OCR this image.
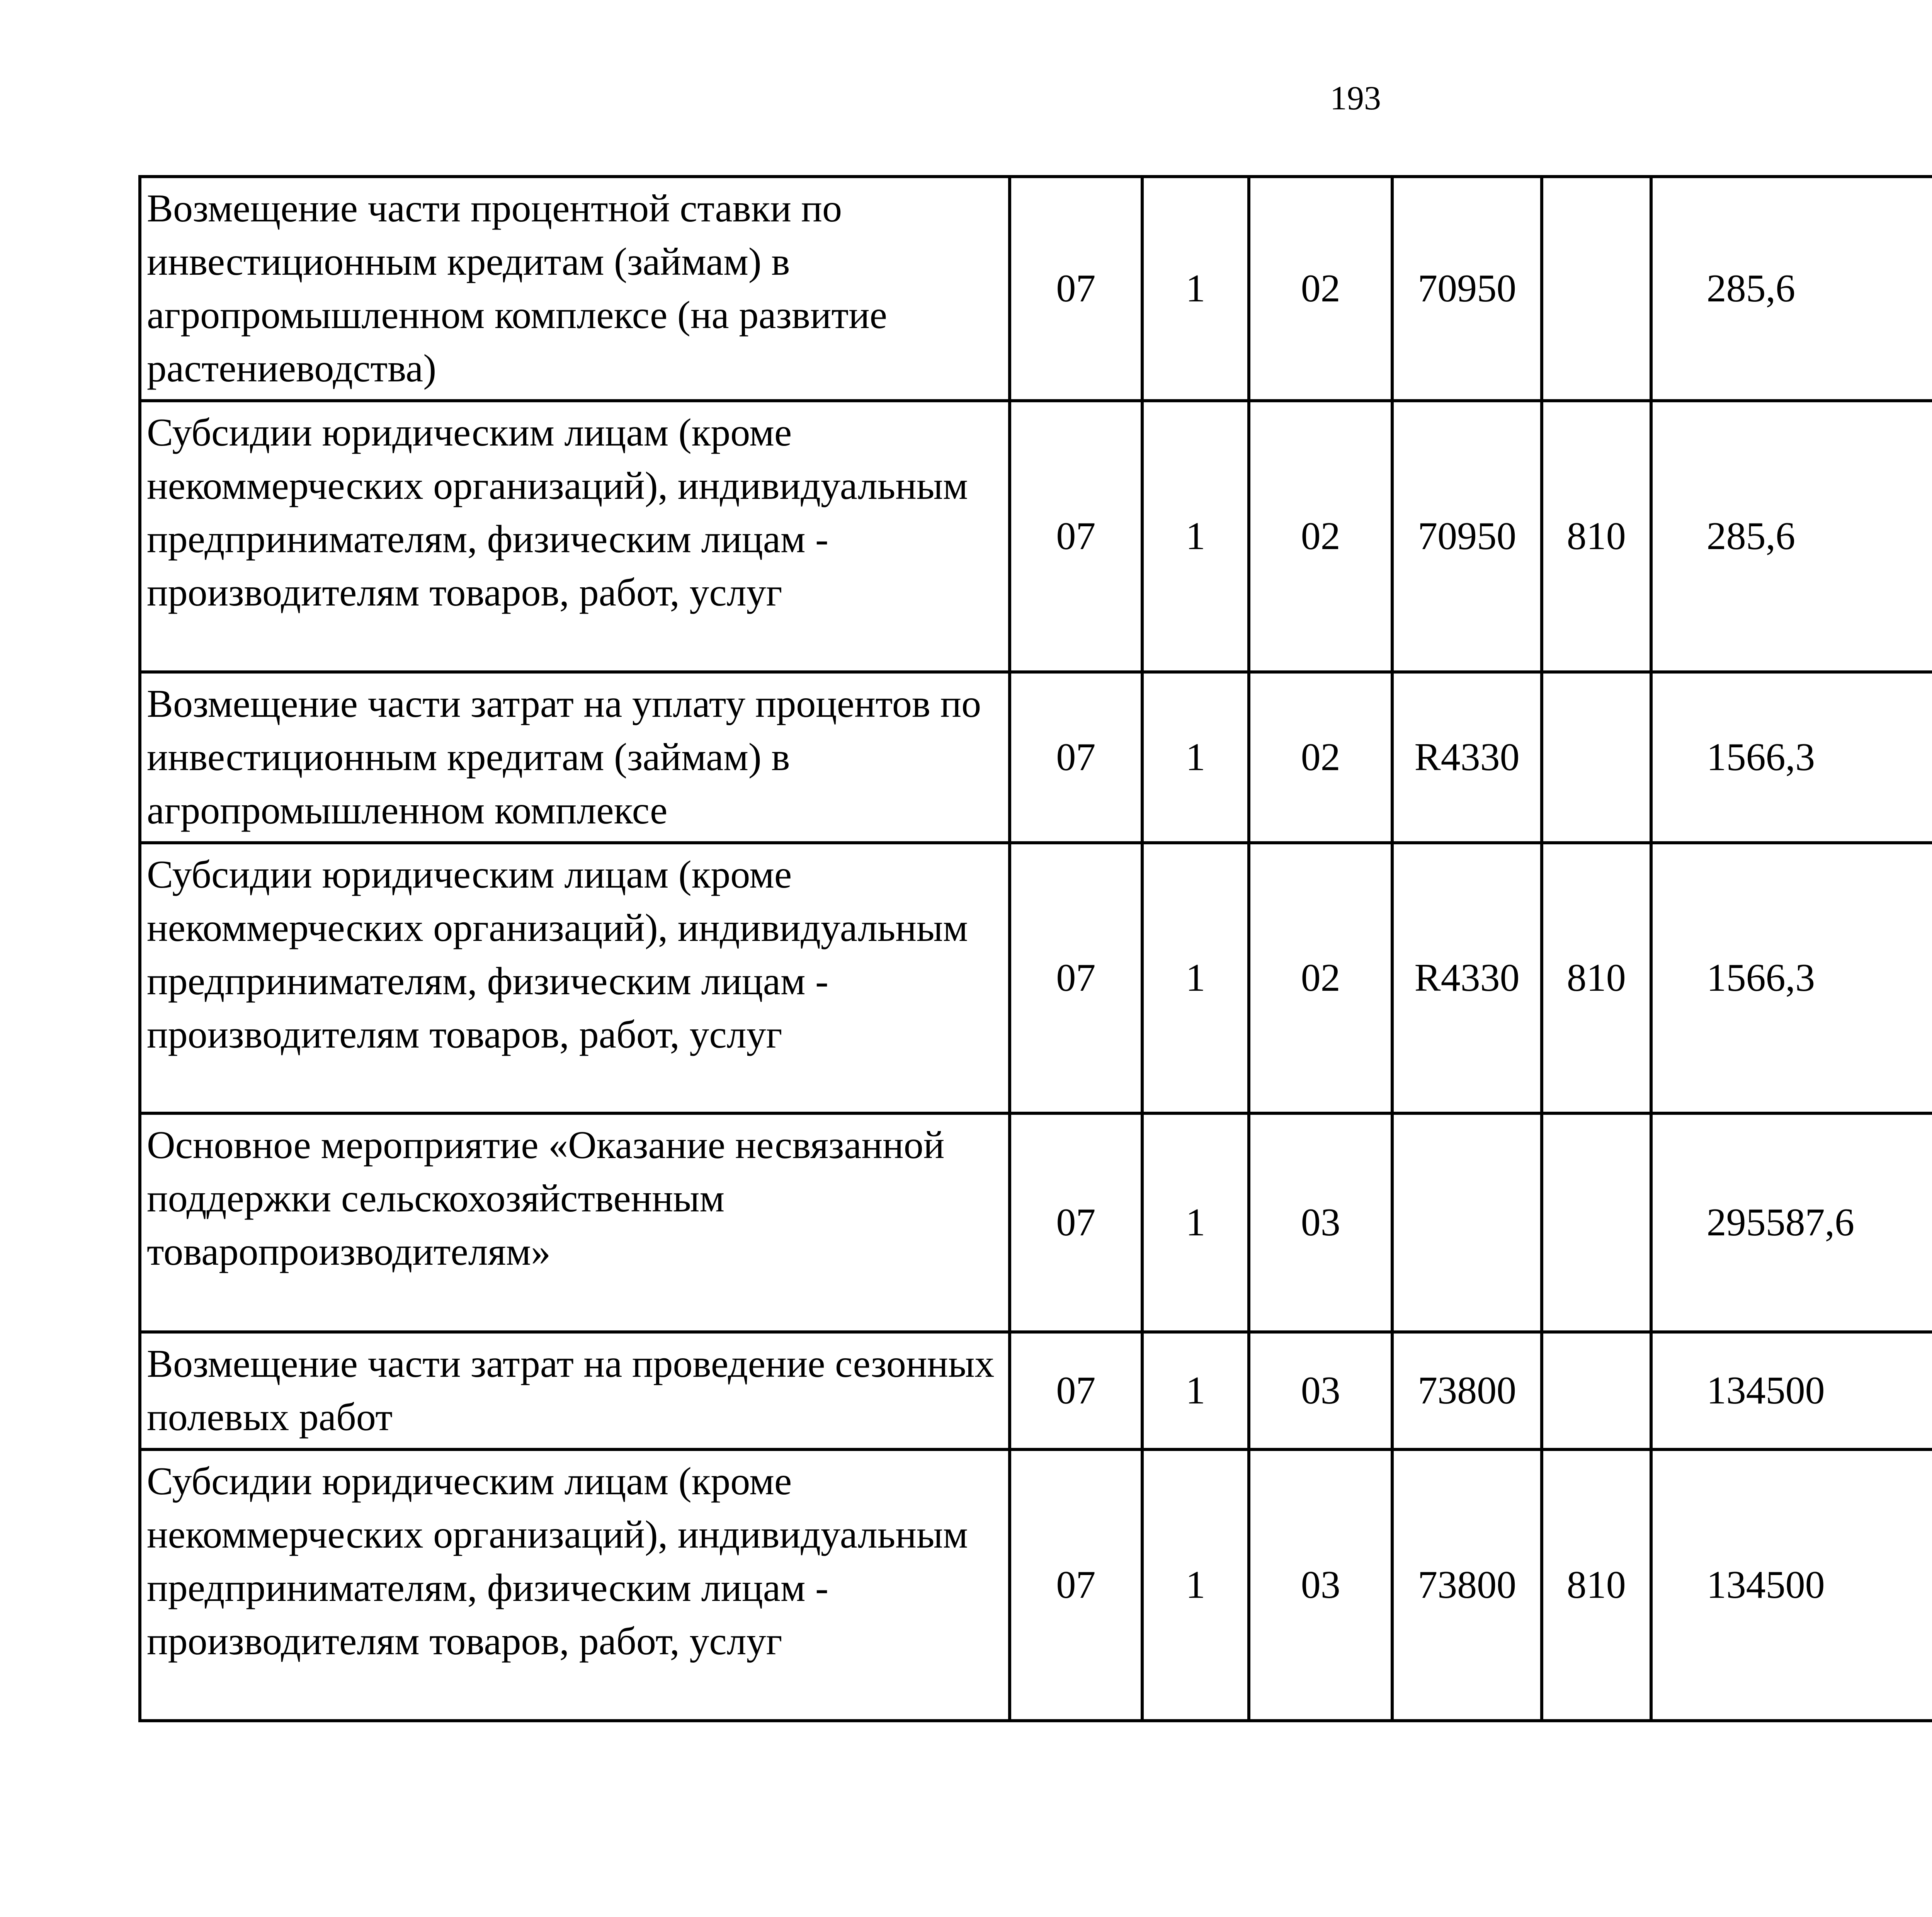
193
Возмещение части процентной ставки по инвестиционным кредитам (займам) в агропромышленном комплексе (на развитие растениеводства)	07	1	02	70950		285,6		
Субсидии юридическим лицам (кроме некоммерческих организаций), индивидуальным предпринимателям, физическим лицам - производителям товаров, работ, услуг	07	1	02	70950	810	285,6		
Возмещение части затрат на уплату процентов по инвестиционным кредитам (займам) в агропромышленном комплексе	07	1	02	R4330		1566,3		
Субсидии юридическим лицам (кроме некоммерческих организаций), индивидуальным предпринимателям, физическим лицам - производителям товаров, работ, услуг	07	1	02	R4330	810	1566,3		
Основное мероприятие «Оказание несвязанной поддержки сельскохозяйственным товаропроизводителям»	07	1	03			295587,6		
Возмещение части затрат на проведение сезонных полевых работ	07	1	03	73800		134500		
Субсидии юридическим лицам (кроме некоммерческих организаций), индивидуальным предпринимателям, физическим лицам - производителям товаров, работ, услуг	07	1	03	73800	810	134500		
